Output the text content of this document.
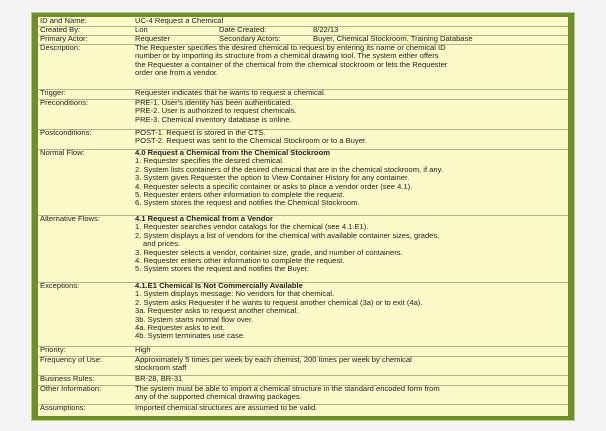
ID and Name:	UC-4 Request a Chemical
Created By:	Lori	Date Created:	8/22/13
Primary Actor:	Requester	Secondary Actors:	Buyer, Chemical Stockroom, Training Database
Description:	The Requester specifies the desired chemical to request by entering its name or chemical ID
number or by importing its structure from a chemical drawing tool. The system either offers
the Requester a container of the chemical from the chemical stockroom or lets the Requester
order one from a vendor.
Trigger:	Requester indicates that he wants to request a chemical.
Preconditions:	PRE-1. User's identity has been authenticated.
PRE-2. User is authorized to request chemicals.
PRE-3. Chemical inventory database is online.
Postconditions:	POST-1. Request is stored in the CTS.
POST-2. Request was sent to the Chemical Stockroom or to a Buyer.
Normal Flow:	4.0 Request a Chemical from the Chemical Stockroom
1. Requester specifies the desired chemical.
2. System lists containers of the desired chemical that are in the chemical stockroom, if any.
3. System gives Requester the option to View Container History for any container.
4. Requester selects a specific container or asks to place a vendor order (see 4.1).
5. Requester enters other information to complete the request.
6. System stores the request and notifies the Chemical Stockroom.
Alternative Flows:	4.1 Request a Chemical from a Vendor
1. Requester searches vendor catalogs for the chemical (see 4.1.E1).
2. System displays a list of vendors for the chemical with available container sizes, grades,
and prices.
3. Requester selects a vendor, container size, grade, and number of containers.
4. Requester enters other information to complete the request.
5. System stores the request and notifies the Buyer.
Exceptions:	4.1.E1 Chemical Is Not Commercially Available
1. System displays message: No vendors for that chemical.
2. System asks Requester if he wants to request another chemical (3a) or to exit (4a).
3a. Requester asks to request another chemical.
3b. System starts normal flow over.
4a. Requester asks to exit.
4b. System terminates use case.
Priority:	High
Frequency of Use:	Approximately 5 times per week by each chemist, 200 times per week by chemical
stockroom staff
Business Rules:	BR-28, BR-31
Other Information:	The system must be able to import a chemical structure in the standard encoded form from
any of the supported chemical drawing packages.
Assumptions:	Imported chemical structures are assumed to be valid.
